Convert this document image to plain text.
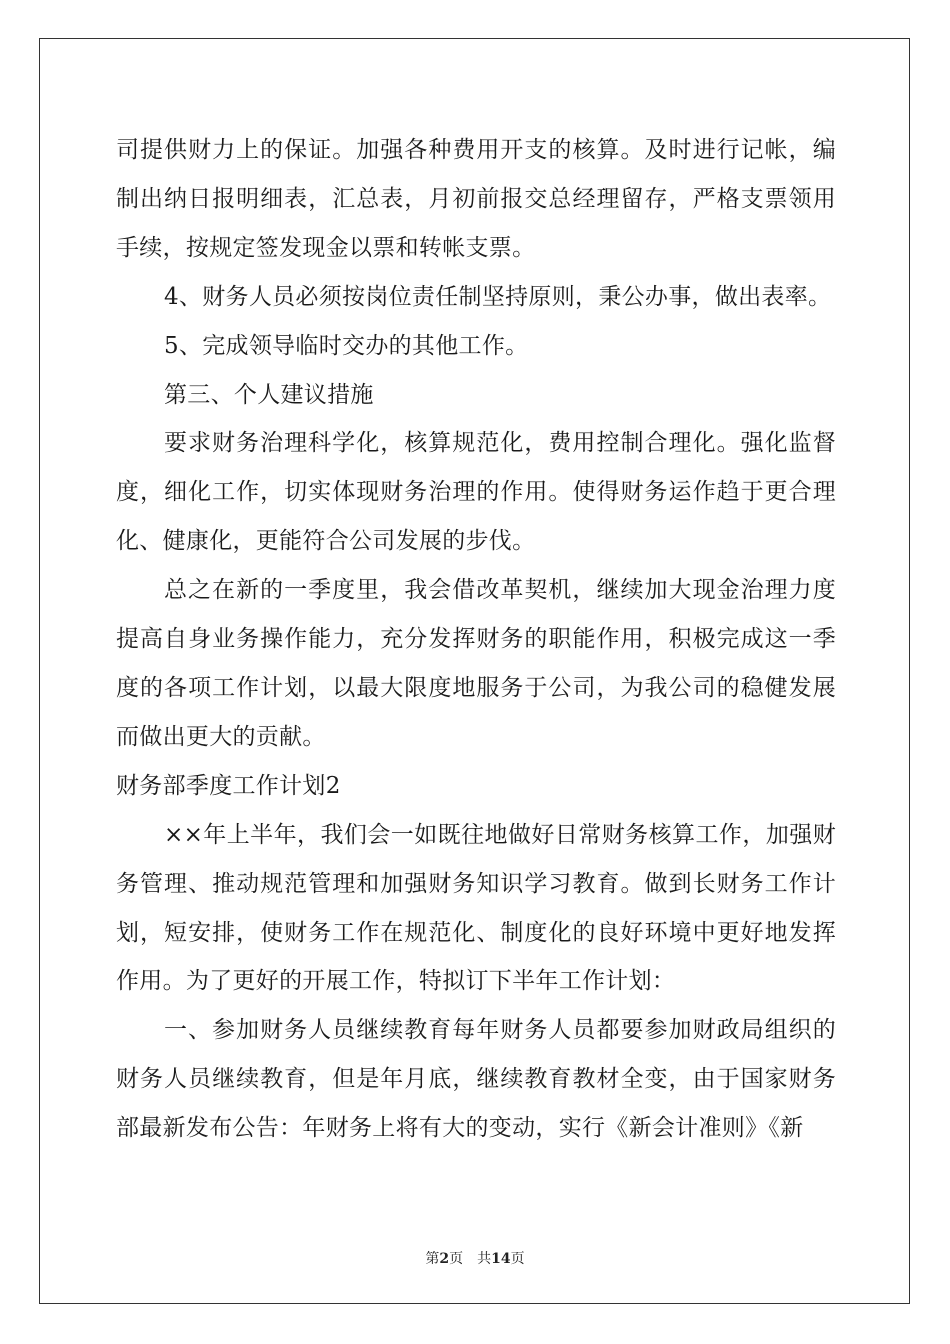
司提供财力上的保证。加强各种费用开支的核算。及时进行记帐，编制出纳日报明细表，汇总表，月初前报交总经理留存，严格支票领用手续，按规定签发现金以票和转帐支票。

4、财务人员必须按岗位责任制坚持原则，秉公办事，做出表率。

5、完成领导临时交办的其他工作。

第三、个人建议措施

要求财务治理科学化，核算规范化，费用控制合理化。强化监督度，细化工作，切实体现财务治理的作用。使得财务运作趋于更合理化、健康化，更能符合公司发展的步伐。

总之在新的一季度里，我会借改革契机，继续加大现金治理力度提高自身业务操作能力，充分发挥财务的职能作用，积极完成这一季度的各项工作计划，以最大限度地服务于公司，为我公司的稳健发展而做出更大的贡献。

财务部季度工作计划2

××年上半年，我们会一如既往地做好日常财务核算工作，加强财务管理、推动规范管理和加强财务知识学习教育。做到长财务工作计划，短安排，使财务工作在规范化、制度化的良好环境中更好地发挥作用。为了更好的开展工作，特拟订下半年工作计划：

一、参加财务人员继续教育每年财务人员都要参加财政局组织的财务人员继续教育，但是年月底，继续教育教材全变，由于国家财务部最新发布公告：年财务上将有大的变动，实行《新会计准则》《新

第2页 共14页
